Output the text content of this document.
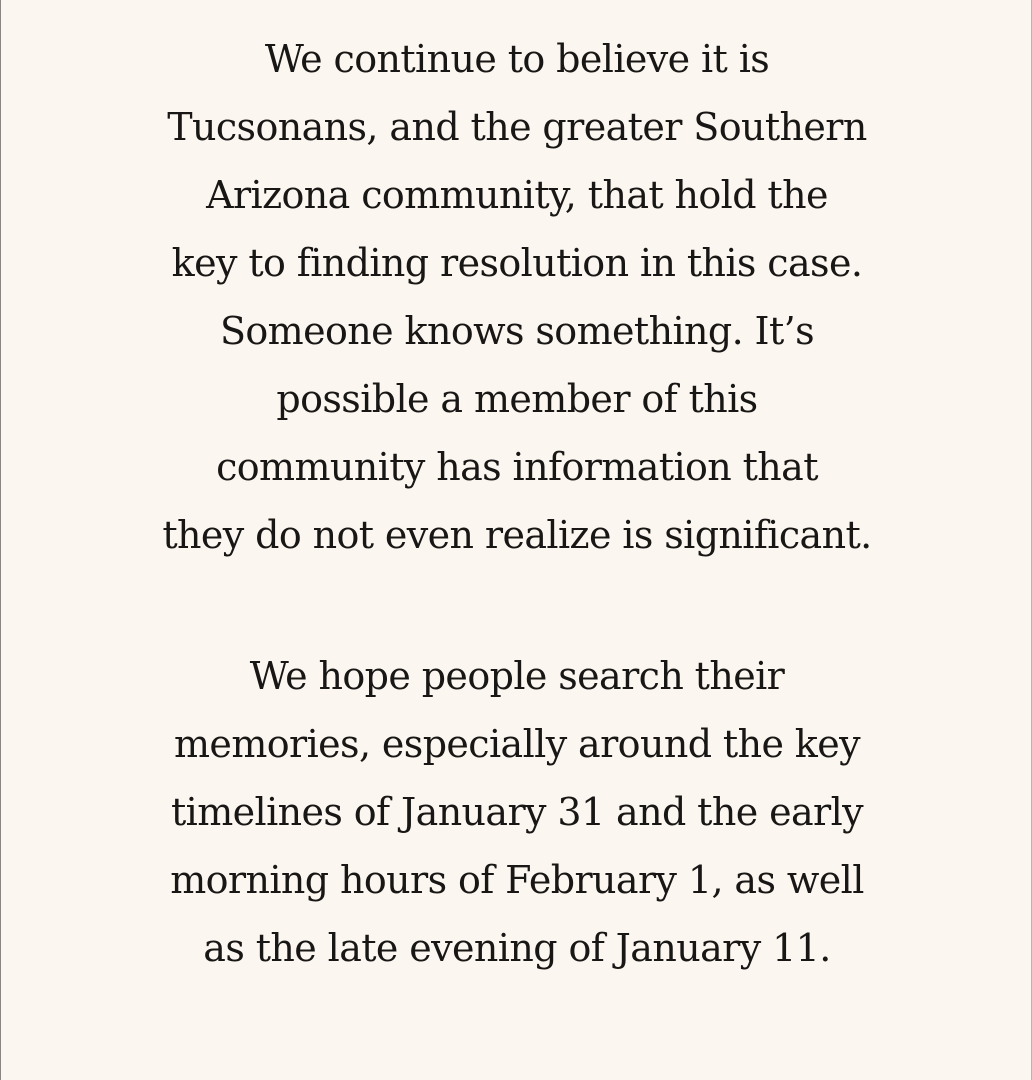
We continue to believe it is
Tucsonans, and the greater Southern
Arizona community, that hold the
key to finding resolution in this case.
Someone knows something. It’s
possible a member of this
community has information that
they do not even realize is significant.

We hope people search their
memories, especially around the key
timelines of January 31 and the early
morning hours of February 1, as well
as the late evening of January 11.
